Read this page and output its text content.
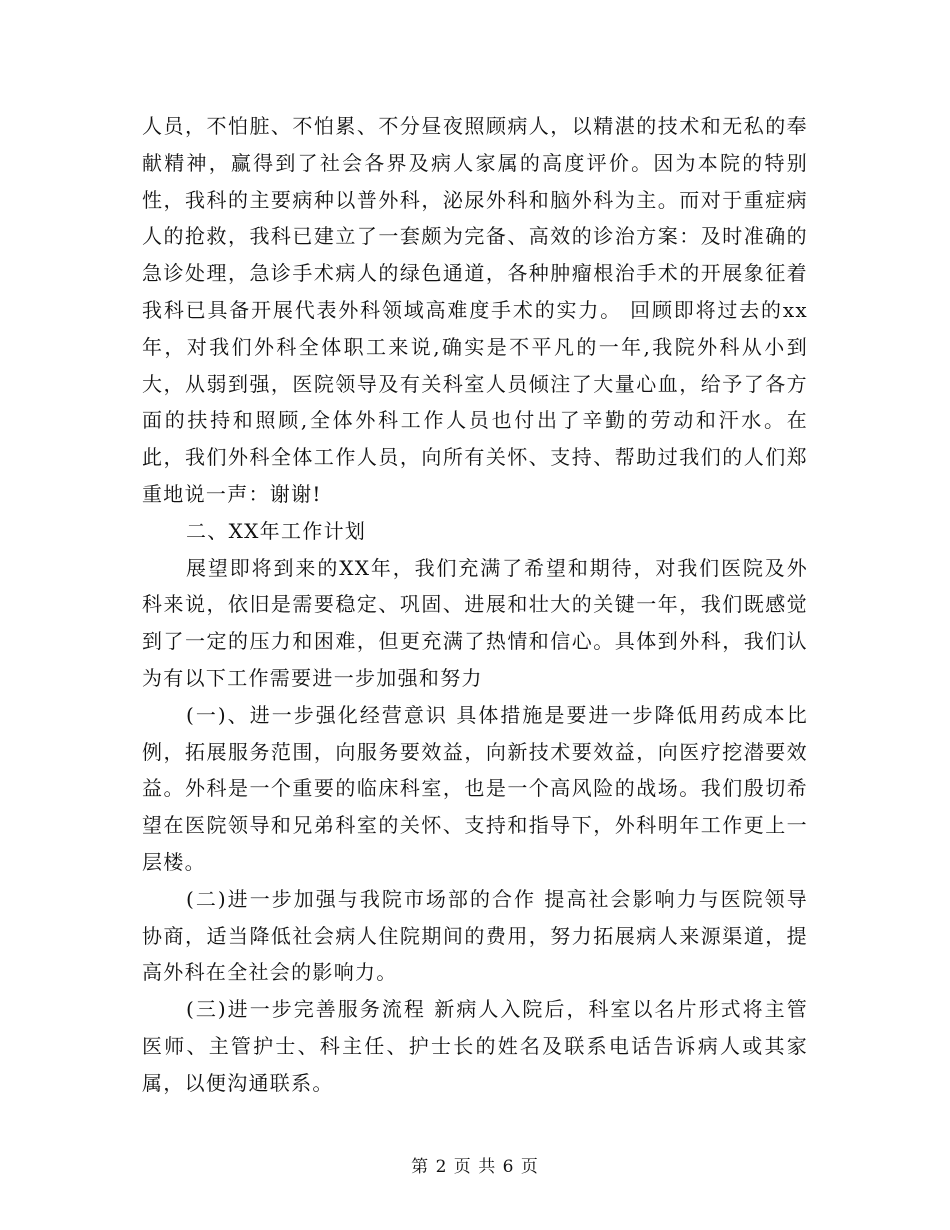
人员，不怕脏、不怕累、不分昼夜照顾病人，以精湛的技术和无私的奉献精神，赢得到了社会各界及病人家属的高度评价。因为本院的特别性，我科的主要病种以普外科，泌尿外科和脑外科为主。而对于重症病人的抢救，我科已建立了一套颇为完备、高效的诊治方案：及时准确的急诊处理，急诊手术病人的绿色通道，各种肿瘤根治手术的开展象征着我科已具备开展代表外科领域高难度手术的实力。 回顾即将过去的xx年，对我们外科全体职工来说,确实是不平凡的一年,我院外科从小到大，从弱到强，医院领导及有关科室人员倾注了大量心血，给予了各方面的扶持和照顾,全体外科工作人员也付出了辛勤的劳动和汗水。在此，我们外科全体工作人员，向所有关怀、支持、帮助过我们的人们郑重地说一声：谢谢!

二、XX年工作计划

展望即将到来的XX年，我们充满了希望和期待，对我们医院及外科来说，依旧是需要稳定、巩固、进展和壮大的关键一年，我们既感觉到了一定的压力和困难，但更充满了热情和信心。具体到外科，我们认为有以下工作需要进一步加强和努力

(一)、进一步强化经营意识 具体措施是要进一步降低用药成本比例，拓展服务范围，向服务要效益，向新技术要效益，向医疗挖潜要效益。外科是一个重要的临床科室，也是一个高风险的战场。我们殷切希望在医院领导和兄弟科室的关怀、支持和指导下，外科明年工作更上一层楼。

(二)进一步加强与我院市场部的合作 提高社会影响力与医院领导协商，适当降低社会病人住院期间的费用，努力拓展病人来源渠道，提高外科在全社会的影响力。

(三)进一步完善服务流程 新病人入院后，科室以名片形式将主管医师、主管护士、科主任、护士长的姓名及联系电话告诉病人或其家属，以便沟通联系。

第 2 页 共 6 页
